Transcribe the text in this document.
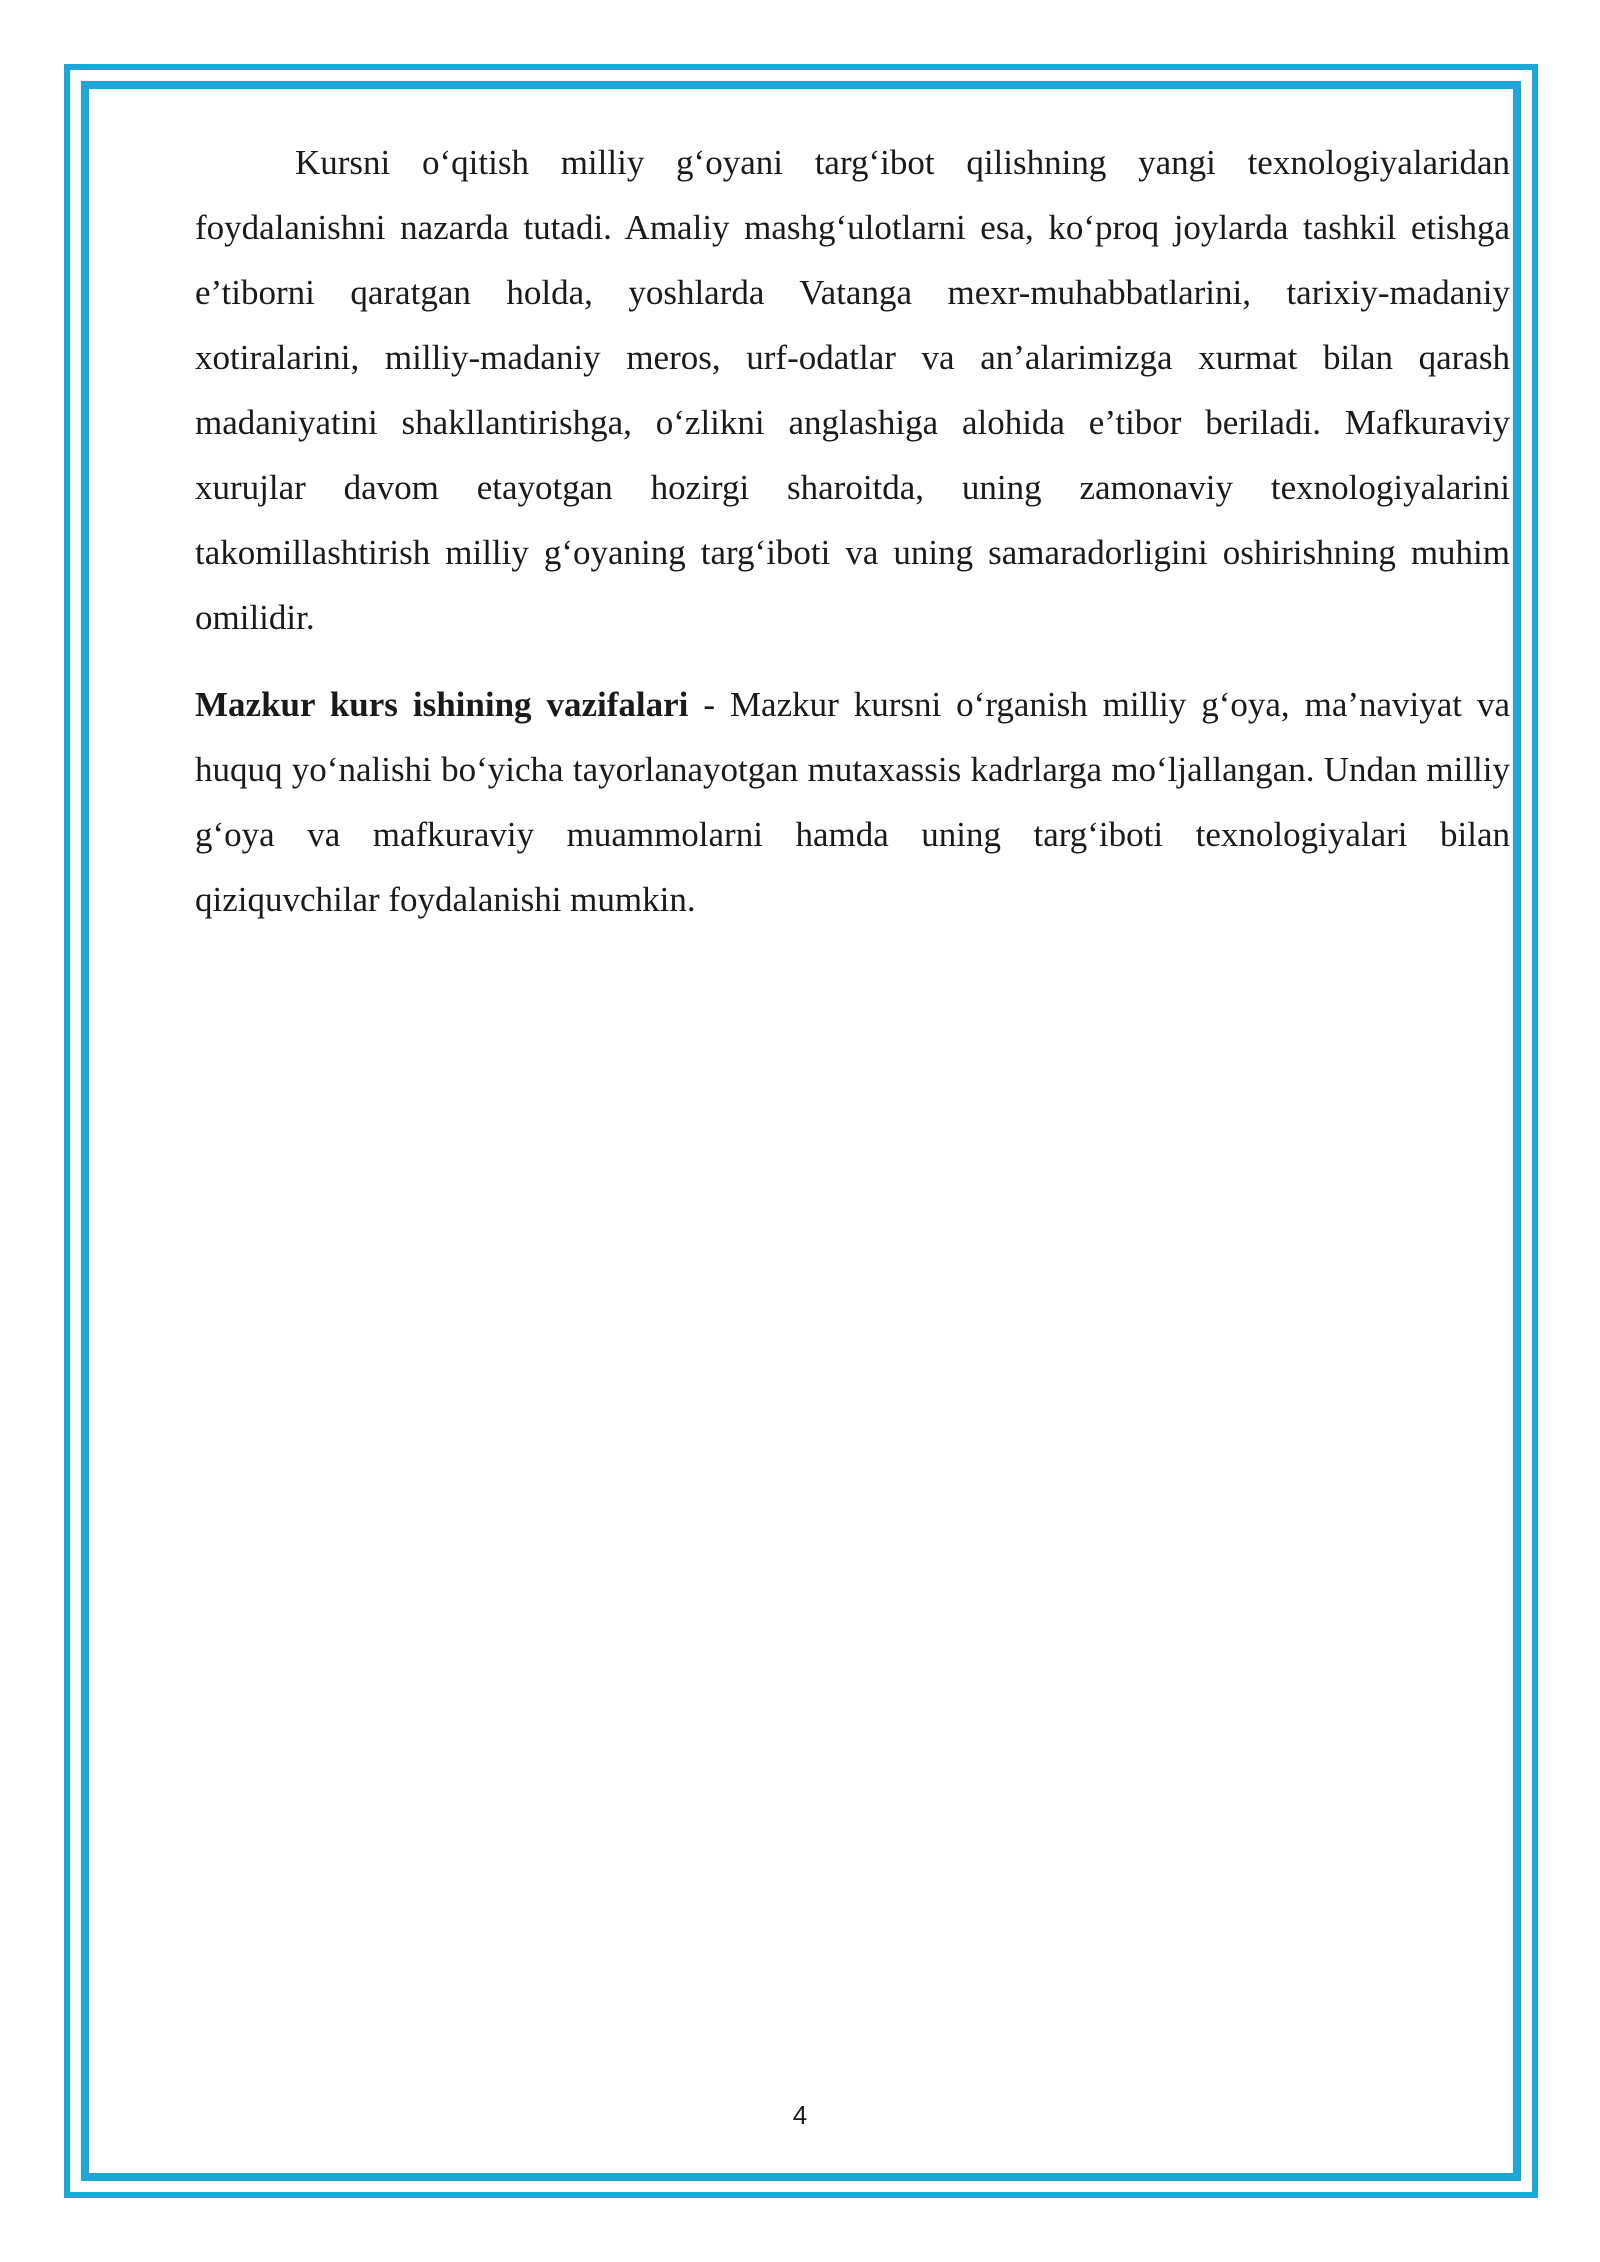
Kursni o‘qitish milliy g‘oyani targ‘ibot qilishning yangi texnologiyalaridan foydalanishni nazarda tutadi. Amaliy mashg‘ulotlarni esa, ko‘proq joylarda tashkil etishga e’tiborni qaratgan holda, yoshlarda Vatanga mexr-muhabbatlarini, tarixiy-madaniy xotiralarini, milliy-madaniy meros, urf-odatlar va an’alarimizga xurmat bilan qarash madaniyatini shakllantirishga, o‘zlikni anglashiga alohida e’tibor beriladi. Mafkuraviy xurujlar davom etayotgan hozirgi sharoitda, uning zamonaviy texnologiyalarini takomillashtirish milliy g‘oyaning targ‘iboti va uning samaradorligini oshirishning muhim omilidir.

Mazkur kurs ishining vazifalari - Mazkur kursni o‘rganish milliy g‘oya, ma’naviyat va huquq yo‘nalishi bo‘yicha tayorlanayotgan mutaxassis kadrlarga mo‘ljallangan. Undan milliy g‘oya va mafkuraviy muammolarni hamda uning targ‘iboti texnologiyalari bilan qiziquvchilar foydalanishi mumkin.

4
